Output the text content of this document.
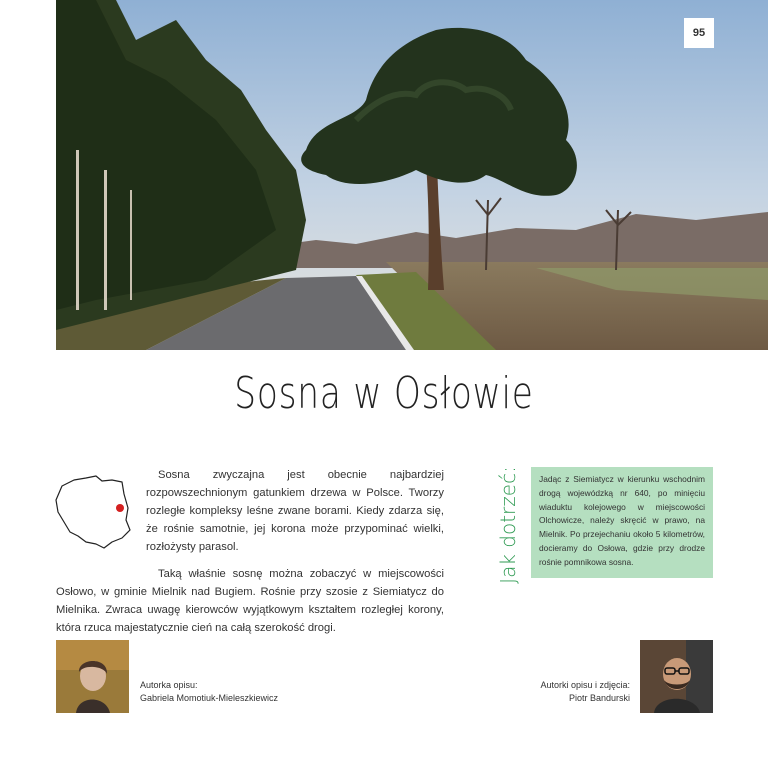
95
Sosna w Osłowie

Sosna zwyczajna jest obecnie najbardziej rozpowszechnionym gatunkiem drzewa w Polsce. Tworzy rozległe kompleksy leśne zwane borami. Kiedy zdarza się, że rośnie samotnie, jej korona może przypominać wielki, rozłożysty parasol.

Taką właśnie sosnę można zobaczyć w miejscowości Osłowo, w gminie Mielnik nad Bugiem. Rośnie przy szosie z Siemiatycz do Mielnika. Zwraca uwagę kierowców wyjątkowym kształtem rozległej korony, która rzuca majestatycznie cień na całą szerokość drogi.

Jak dotrzeć:	Jadąc z Siemiatycz w kierunku wschodnim drogą wojewódzką nr 640, po minięciu wiaduktu kolejowego w miejscowości Olchowicze, należy skręcić w prawo, na Mielnik. Po przejechaniu około 5 kilometrów, docieramy do Osłowa, gdzie przy drodze rośnie pomnikowa sosna.
Autorka opisu:
Gabriela Momotiuk-Mieleszkiewicz
Autorki opisu i zdjęcia:
Piotr Bandurski
